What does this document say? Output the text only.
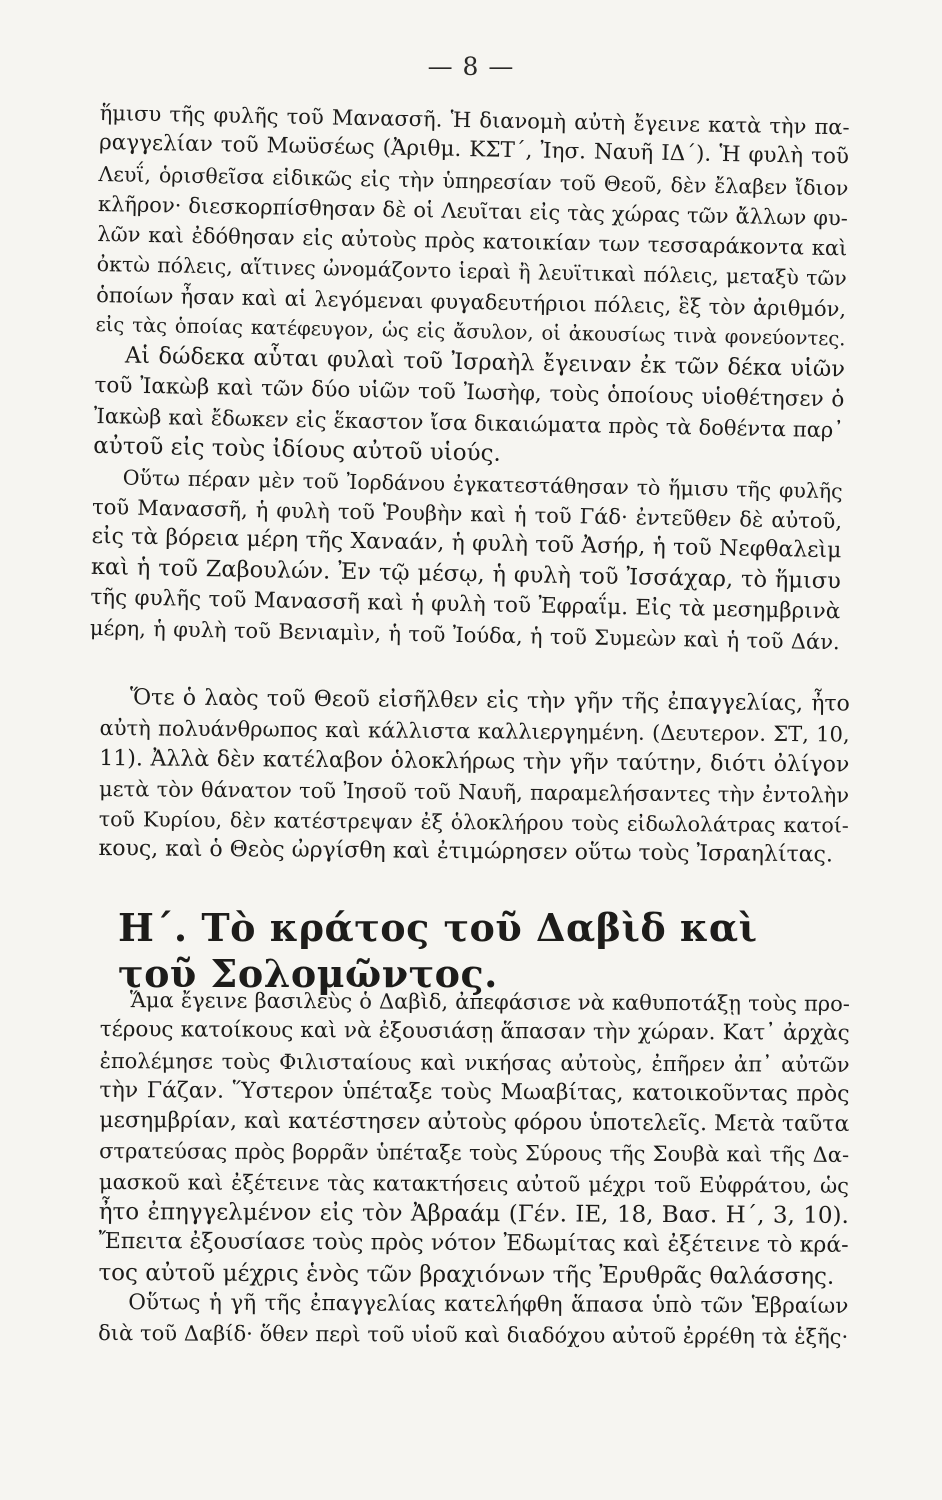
— 8 —
ἥμισυ τῆς φυλῆς τοῦ Μανασσῆ. Ἡ διανομὴ αὐτὴ ἔγεινε κατὰ τὴν πα-
ραγγελίαν τοῦ Μωϋσέως (Ἀριθμ. ΚΣΤ΄, Ἰησ. Ναυῆ ΙΔ΄). Ἡ φυλὴ τοῦ
Λευΐ, ὁρισθεῖσα εἰδικῶς εἰς τὴν ὑπηρεσίαν τοῦ Θεοῦ, δὲν ἔλαβεν ἴδιον
κλῆρον· διεσκορπίσθησαν δὲ οἱ Λευῖται εἰς τὰς χώρας τῶν ἄλλων φυ-
λῶν καὶ ἐδόθησαν εἰς αὐτοὺς πρὸς κατοικίαν των τεσσαράκοντα καὶ
ὀκτὼ πόλεις, αἵτινες ὠνομάζοντο ἱεραὶ ἢ λευϊτικαὶ πόλεις, μεταξὺ τῶν
ὁποίων ἦσαν καὶ αἱ λεγόμεναι φυγαδευτήριοι πόλεις, ἓξ τὸν ἀριθμόν,
εἰς τὰς ὁποίας κατέφευγον, ὡς εἰς ἄσυλον, οἱ ἀκουσίως τινὰ φονεύοντες.
Αἱ δώδεκα αὗται φυλαὶ τοῦ Ἰσραὴλ ἔγειναν ἐκ τῶν δέκα υἱῶν
τοῦ Ἰακὼβ καὶ τῶν δύο υἱῶν τοῦ Ἰωσὴφ, τοὺς ὁποίους υἱοθέτησεν ὁ
Ἰακὼβ καὶ ἔδωκεν εἰς ἕκαστον ἴσα δικαιώματα πρὸς τὰ δοθέντα παρ᾽
αὐτοῦ εἰς τοὺς ἰδίους αὐτοῦ υἱούς.
Οὕτω πέραν μὲν τοῦ Ἰορδάνου ἐγκατεστάθησαν τὸ ἥμισυ τῆς φυλῆς
τοῦ Μανασσῆ, ἡ φυλὴ τοῦ Ῥουβὴν καὶ ἡ τοῦ Γάδ· ἐντεῦθεν δὲ αὐτοῦ,
εἰς τὰ βόρεια μέρη τῆς Χαναάν, ἡ φυλὴ τοῦ Ἀσήρ, ἡ τοῦ Νεφθαλεὶμ
καὶ ἡ τοῦ Ζαβουλών. Ἐν τῷ μέσῳ, ἡ φυλὴ τοῦ Ἰσσάχαρ, τὸ ἥμισυ
τῆς φυλῆς τοῦ Μανασσῆ καὶ ἡ φυλὴ τοῦ Ἐφραΐμ. Εἰς τὰ μεσημβρινὰ
μέρη, ἡ φυλὴ τοῦ Βενιαμὶν, ἡ τοῦ Ἰούδα, ἡ τοῦ Συμεὼν καὶ ἡ τοῦ Δάν.
Ὅτε ὁ λαὸς τοῦ Θεοῦ εἰσῆλθεν εἰς τὴν γῆν τῆς ἐπαγγελίας, ἦτο
αὐτὴ πολυάνθρωπος καὶ κάλλιστα καλλιεργημένη. (Δευτερον. ΣΤ, 10,
11). Ἀλλὰ δὲν κατέλαβον ὁλοκλήρως τὴν γῆν ταύτην, διότι ὀλίγον
μετὰ τὸν θάνατον τοῦ Ἰησοῦ τοῦ Ναυῆ, παραμελήσαντες τὴν ἐντολὴν
τοῦ Κυρίου, δὲν κατέστρεψαν ἐξ ὁλοκλήρου τοὺς εἰδωλολάτρας κατοί-
κους, καὶ ὁ Θεὸς ὠργίσθη καὶ ἐτιμώρησεν οὕτω τοὺς Ἰσραηλίτας.
Η΄. Τὸ κράτος τοῦ Δαβὶδ καὶ τοῦ Σολομῶντος.
Ἅμα ἔγεινε βασιλεὺς ὁ Δαβὶδ, ἀπεφάσισε νὰ καθυποτάξῃ τοὺς προ-
τέρους κατοίκους καὶ νὰ ἐξουσιάσῃ ἅπασαν τὴν χώραν. Κατ᾽ ἀρχὰς
ἐπολέμησε τοὺς Φιλισταίους καὶ νικήσας αὐτοὺς, ἐπῆρεν ἀπ᾽ αὐτῶν
τὴν Γάζαν. Ὕστερον ὑπέταξε τοὺς Μωαβίτας, κατοικοῦντας πρὸς
μεσημβρίαν, καὶ κατέστησεν αὐτοὺς φόρου ὑποτελεῖς. Μετὰ ταῦτα
στρατεύσας πρὸς βορρᾶν ὑπέταξε τοὺς Σύρους τῆς Σουβὰ καὶ τῆς Δα-
μασκοῦ καὶ ἐξέτεινε τὰς κατακτήσεις αὐτοῦ μέχρι τοῦ Εὐφράτου, ὡς
ἦτο ἐπηγγελμένον εἰς τὸν Ἀβραάμ (Γέν. ΙΕ, 18, Βασ. Η΄, 3, 10).
Ἔπειτα ἐξουσίασε τοὺς πρὸς νότον Ἐδωμίτας καὶ ἐξέτεινε τὸ κρά-
τος αὐτοῦ μέχρις ἑνὸς τῶν βραχιόνων τῆς Ἐρυθρᾶς θαλάσσης.
Οὕτως ἡ γῆ τῆς ἐπαγγελίας κατελήφθη ἅπασα ὑπὸ τῶν Ἑβραίων
διὰ τοῦ Δαβίδ· ὅθεν περὶ τοῦ υἱοῦ καὶ διαδόχου αὐτοῦ ἐρρέθη τὰ ἑξῆς·
